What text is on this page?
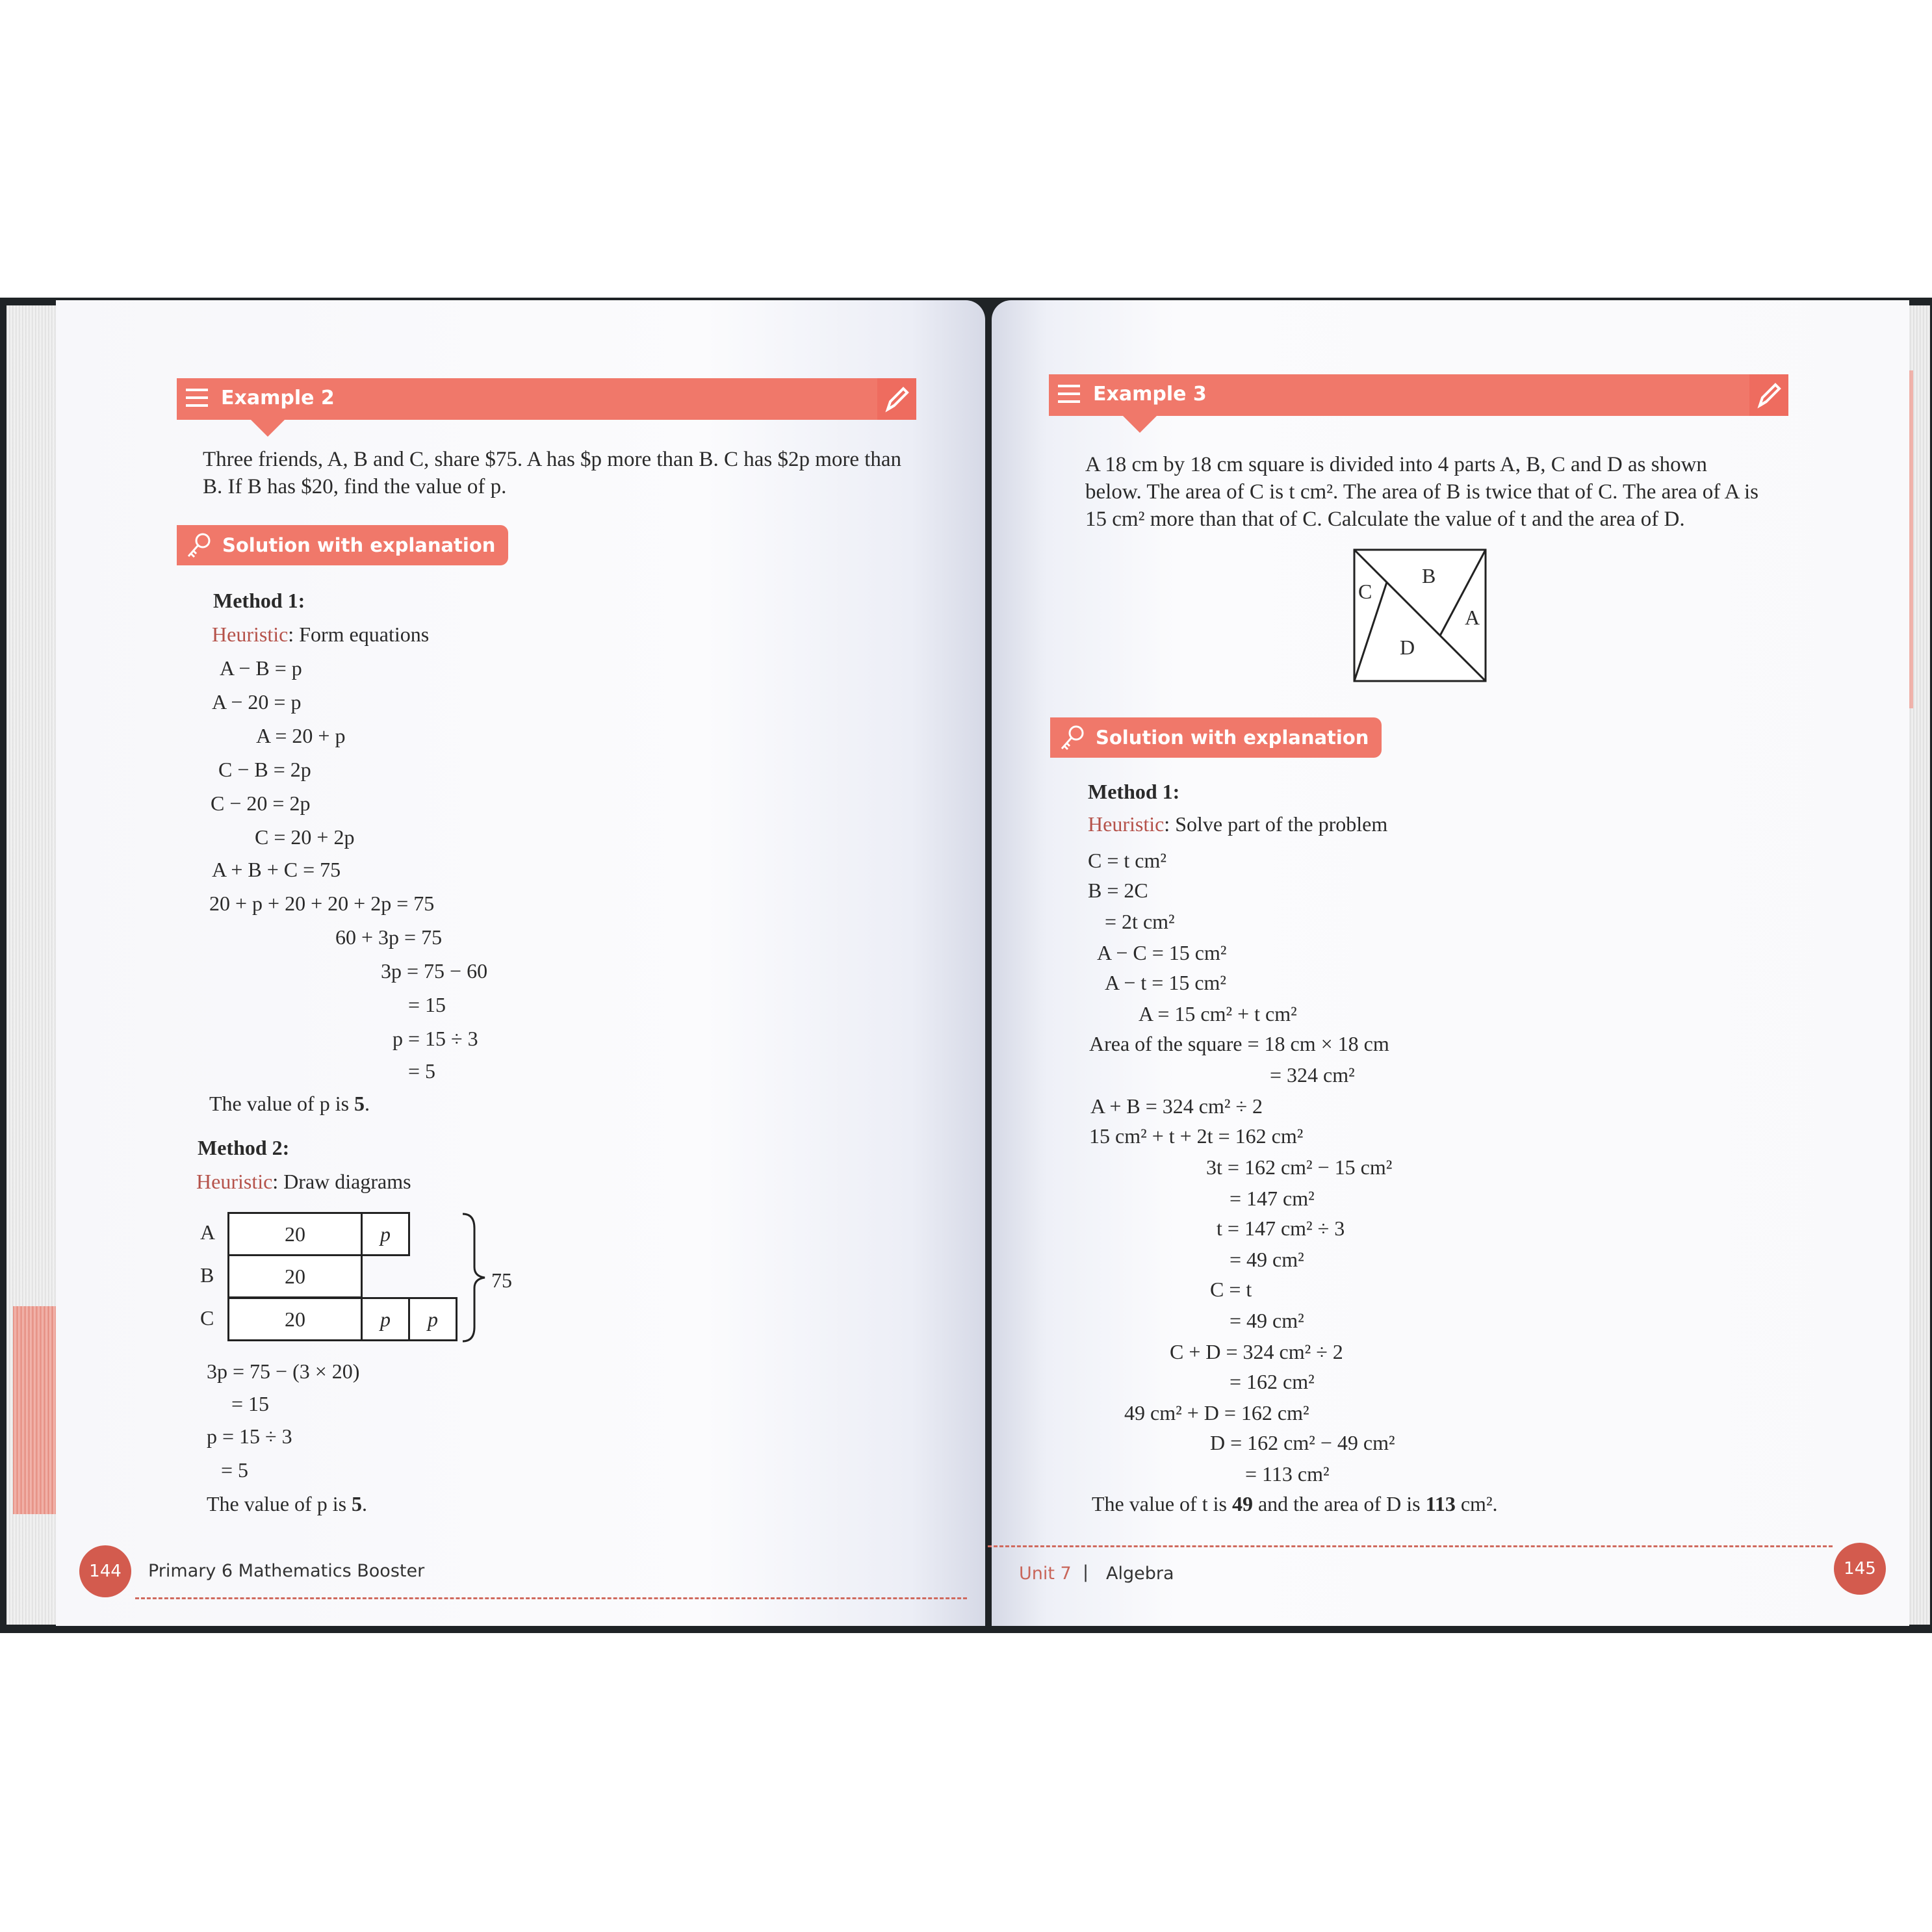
Example 2
Three friends, A, B and C, share $75. A has $p more than B. C has $2p more than B. If B has $20, find the value of p.
Solution with explanation
Method 1:
Heuristic: Form equations
A − B = p
A − 20 = p
A = 20 + p
C − B = 2p
C − 20 = 2p
C = 20 + 2p
A + B + C = 75
20 + p + 20 + 20 + 2p = 75
60 + 3p = 75
3p = 75 − 60
= 15
p = 15 ÷ 3
= 5
The value of p is 5.
Method 2:
Heuristic: Draw diagrams
A
B
C
20	p
20
20	p	p
75
3p = 75 − (3 × 20)
= 15
p = 15 ÷ 3
= 5
The value of p is 5.
144	Primary 6 Mathematics Booster
Example 3
A 18 cm by 18 cm square is divided into 4 parts A, B, C and D as shown below. The area of C is t cm². The area of B is twice that of C. The area of A is 15 cm² more than that of C. Calculate the value of t and the area of D.
C
B
A
D
Solution with explanation
Method 1:
Heuristic: Solve part of the problem
C = t cm²
B = 2C
= 2t cm²
A − C = 15 cm²
A − t = 15 cm²
A = 15 cm² + t cm²
Area of the square = 18 cm × 18 cm
= 324 cm²
A + B = 324 cm² ÷ 2
15 cm² + t + 2t = 162 cm²
3t = 162 cm² − 15 cm²
= 147 cm²
t = 147 cm² ÷ 3
= 49 cm²
C = t
= 49 cm²
C + D = 324 cm² ÷ 2
= 162 cm²
49 cm² + D = 162 cm²
D = 162 cm² − 49 cm²
= 113 cm²
The value of t is 49 and the area of D is 113 cm².
Unit 7 | Algebra	145
